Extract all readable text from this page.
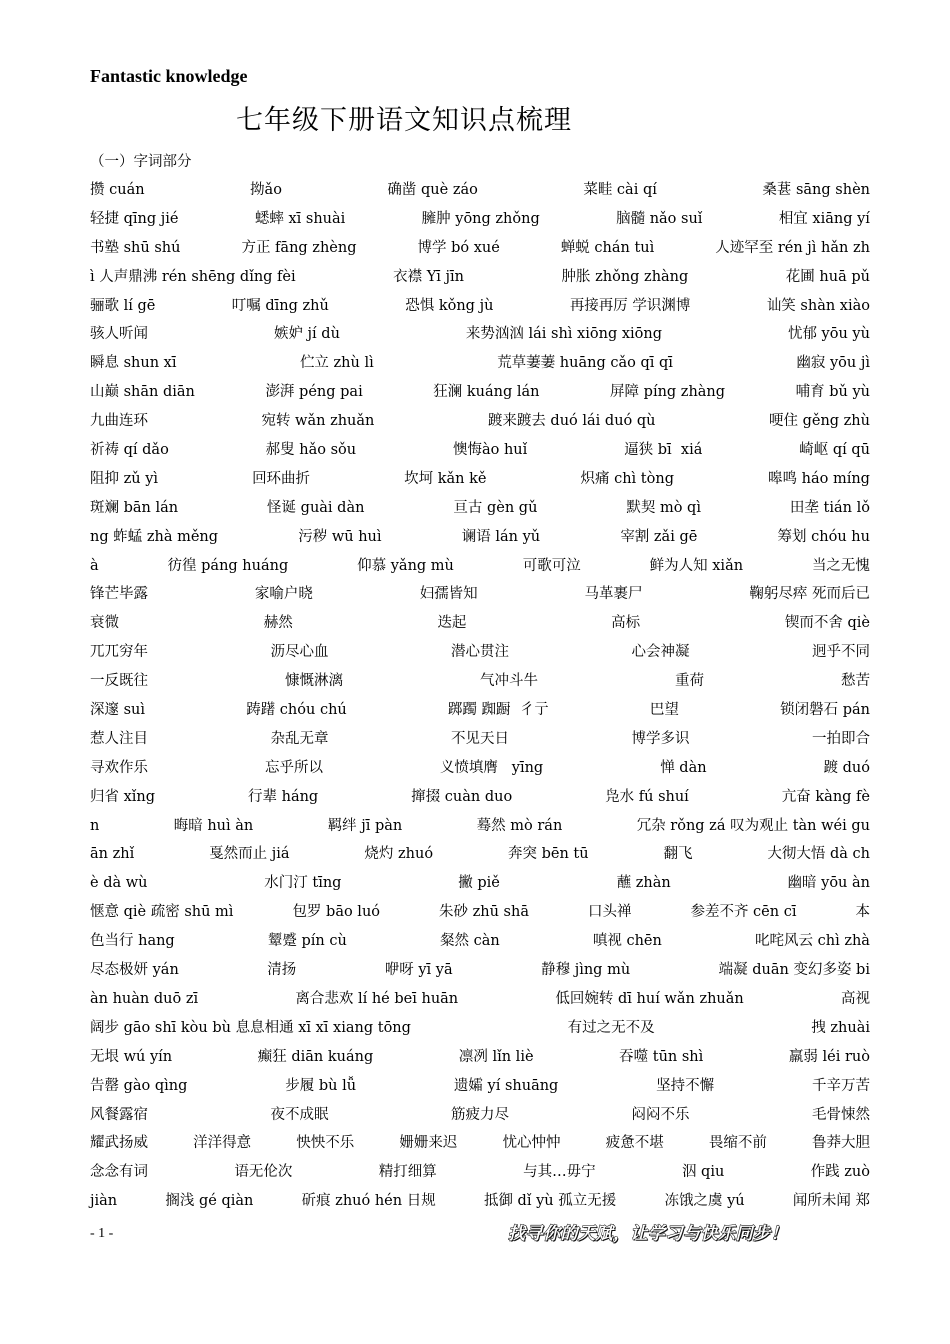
Fantastic knowledge
七年级下册语文知识点梳理
（一）字词部分
攒 cuán	拗ǎo	确凿 què záo	菜畦 cài qí	桑葚 sāng shèn
轻捷 qīng jié	蟋蟀 xī shuài	臃肿 yōng zhǒng	脑髓 nǎo suǐ	相宜 xiāng yí
书塾 shū shú	方正 fāng zhèng	博学 bó xué	蝉蜕 chán tuì	人迹罕至 rén jì hǎn zh
ì 人声鼎沸 rén shēng dǐng fèi	衣襟 Yī jīn	肿胀 zhǒng zhàng	花圃 huā pǔ
骊歌 lí gē	叮嘱 dīng zhǔ	恐惧 kǒng jù	再接再厉 学识渊博	讪笑 shàn xiào
骇人听闻	嫉妒 jí dù	来势汹汹 lái shì xiōng xiōng	忧郁 yōu yù
瞬息 shun xī	伫立 zhù lì	荒草萋萋 huāng cǎo qī qī	幽寂 yōu jì
山巅 shān diān	澎湃 péng pai	狂澜 kuáng lán	屏障 píng zhàng	哺育 bǔ yù
九曲连环	宛转 wǎn zhuǎn	踱来踱去 duó lái duó qù	哽住 gěng zhù
祈祷 qí dǎo	郝叟 hǎo sǒu	懊悔ào huǐ	逼狭 bī  xiá	崎岖 qí qū
阻抑 zǔ yì	回环曲折	坎坷 kǎn kě	炽痛 chì tòng	嗥鸣 háo míng
斑斓 bān lán	怪诞 guài dàn	亘古 gèn gǔ	默契 mò qì	田垄 tián lǒ
ng 蚱蜢 zhà měng	污秽 wū huì	谰语 lán yǔ	宰割 zǎi gē	筹划 chóu hu
à	彷徨 páng huáng	仰慕 yǎng mù	可歌可泣	鲜为人知 xiǎn	当之无愧
锋芒毕露	家喻户晓	妇孺皆知	马革裹尸	鞠躬尽瘁 死而后已
衰微	赫然	迭起	高标	锲而不舍 qiè
兀兀穷年	沥尽心血	潜心贯注	心会神凝	迥乎不同
一反既往	慷慨淋漓	气冲斗牛	重荷	愁苦
深邃 suì	踌躇 chóu chú	踯躅 踟蹰  彳亍	巴望	锁闭磐石 pán
惹人注目	杂乱无章	不见天日	博学多识	一拍即合
寻欢作乐	忘乎所以	义愤填膺   yīng	惮 dàn	踱 duó
归省 xǐng	行辈 háng	撺掇 cuàn duo	凫水 fú shuí	亢奋 kàng fè
n	晦暗 huì àn	羁绊 jī pàn	蓦然 mò rán	冗杂 rǒng zá 叹为观止 tàn wéi gu
ān zhǐ	戛然而止 jiá	烧灼 zhuó	奔突 bēn tū	翻飞	大彻大悟 dà ch
è dà wù	水门汀 tīng	撇 piě	蘸 zhàn	幽暗 yōu àn
惬意 qiè 疏密 shū mì	包罗 bāo luó	朱砂 zhū shā	口头禅	参差不齐 cēn cī	本
色当行 hang	颦蹙 pín cù	粲然 càn	嗔视 chēn	叱咤风云 chì zhà
尽态极妍 yán	清扬	咿呀 yī yā	静穆 jìng mù	端凝 duān 变幻多姿 bi
àn huàn duō zī	离合悲欢 lí hé beī huān	低回婉转 dī huí wǎn zhuǎn	高视
阔步 gāo shī kòu bù 息息相通 xī xī xiang tōng	有过之无不及	拽 zhuài
无垠 wú yín	癫狂 diān kuáng	凛冽 lǐn liè	吞噬 tūn shì	羸弱 léi ruò
告罄 gào qìng	步履 bù lǚ	遗孀 yí shuāng	坚持不懈	千辛万苦
风餐露宿	夜不成眠	筋疲力尽	闷闷不乐	毛骨悚然
耀武扬威	洋洋得意	怏怏不乐	姗姗来迟	忧心忡忡	疲惫不堪	畏缩不前	鲁莽大胆
念念有词	语无伦次	精打细算	与其…毋宁	泅 qiu	作践 zuò
jiàn	搁浅 gé qiàn	斫痕 zhuó hén 日规	抵御 dǐ yù 孤立无援	冻饿之虞 yú	闻所未闻 郑
- 1 -	找寻你的天赋，让学习与快乐同步！
